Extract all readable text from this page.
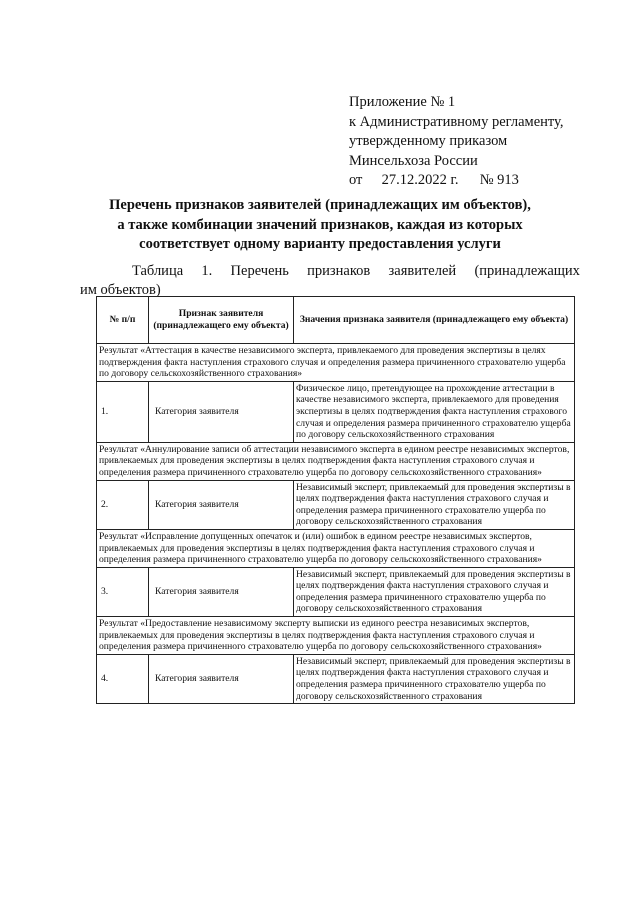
Приложение № 1
к Административному регламенту,
утвержденному приказом
Минсельхоза России
от 27.12.2022 г. № 913
Перечень признаков заявителей (принадлежащих им объектов),
а также комбинации значений признаков, каждая из которых
соответствует одному варианту предоставления услуги
Таблица 1. Перечень признаков заявителей (принадлежащих
им объектов)
№ п/п	Признак заявителя (принадлежащего ему объекта)	Значения признака заявителя (принадлежащего ему объекта)
Результат «Аттестация в качестве независимого эксперта, привлекаемого для проведения экспертизы в целях подтверждения факта наступления страхового случая и определения размера причиненного страхователю ущерба по договору сельскохозяйственного страхования»		
1.	Категория заявителя	Физическое лицо, претендующее на прохождение аттестации в качестве независимого эксперта, привлекаемого для проведения экспертизы в целях подтверждения факта наступления страхового случая и определения размера причиненного страхователю ущерба по договору сельскохозяйственного страхования
Результат «Аннулирование записи об аттестации независимого эксперта в едином реестре независимых экспертов, привлекаемых для проведения экспертизы в целях подтверждения факта наступления страхового случая и определения размера причиненного страхователю ущерба по договору сельскохозяйственного страхования»		
2.	Категория заявителя	Независимый эксперт, привлекаемый для проведения экспертизы в целях подтверждения факта наступления страхового случая и определения размера причиненного страхователю ущерба по договору сельскохозяйственного страхования
Результат «Исправление допущенных опечаток и (или) ошибок в едином реестре независимых экспертов, привлекаемых для проведения экспертизы в целях подтверждения факта наступления страхового случая и определения размера причиненного страхователю ущерба по договору сельскохозяйственного страхования»		
3.	Категория заявителя	Независимый эксперт, привлекаемый для проведения экспертизы в целях подтверждения факта наступления страхового случая и определения размера причиненного страхователю ущерба по договору сельскохозяйственного страхования
Результат «Предоставление независимому эксперту выписки из единого реестра независимых экспертов, привлекаемых для проведения экспертизы в целях подтверждения факта наступления страхового случая и определения размера причиненного страхователю ущерба по договору сельскохозяйственного страхования»		
4.	Категория заявителя	Независимый эксперт, привлекаемый для проведения экспертизы в целях подтверждения факта наступления страхового случая и определения размера причиненного страхователю ущерба по договору сельскохозяйственного страхования
